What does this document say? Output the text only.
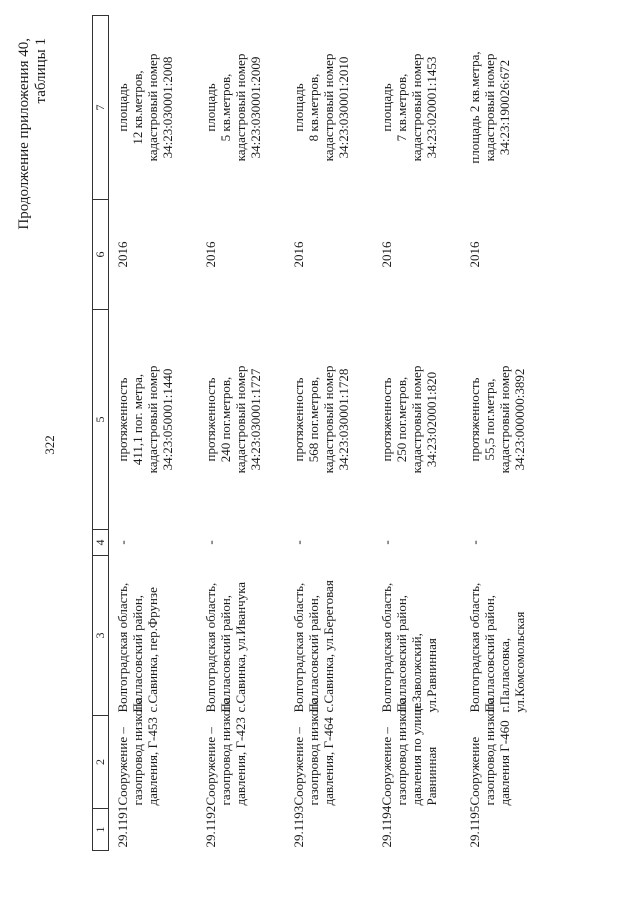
322
Продолжение приложения 40, таблицы 1
1	2	3	4	5	6	7
29.1191	Сооружение – газопровод низкого давления, Г-453	Волгоградская область, Палласовский район, с.Савинка, пер.Фрунзе	-	протяженность 411,1 пог. метра, кадастровый номер 34:23:050001:1440	2016	площадь 12 кв.метров, кадастровый номер 34:23:030001:2008

29.1192	Сооружение – газопровод низкого давления, Г-423	Волгоградская область, Палласовский район, с.Савинка, ул.Иванчука	-	протяженность 240 пог.метров, кадастровый номер 34:23:030001:1727	2016	площадь 5 кв.метров, кадастровый номер 34:23:030001:2009

29.1193	Сооружение – газопровод низкого давления, Г-464	Волгоградская область, Палласовский район, с.Савинка, ул.Береговая	-	протяженность 568 пог.метров, кадастровый номер 34:23:030001:1728	2016	площадь 8 кв.метров, кадастровый номер 34:23:030001:2010

29.1194	Сооружение – газопровод низкого давления по улице Равнинная	Волгоградская область, Палласовский район, п.Заволжский, ул.Равнинная	-	протяженность 250 пог.метров, кадастровый номер 34:23:020001:820	2016	площадь 7 кв.метров, кадастровый номер 34:23:020001:1453

29.1195	Сооружение газопровод низкого давления Г-460	Волгоградская область, Палласовский район, г.Палласовка, ул.Комсомольская	-	протяженность 55,5 пог.метра, кадастровый номер 34:23:000000:3892	2016	площадь 2 кв.метра, кадастровый номер 34:23:190026:672
